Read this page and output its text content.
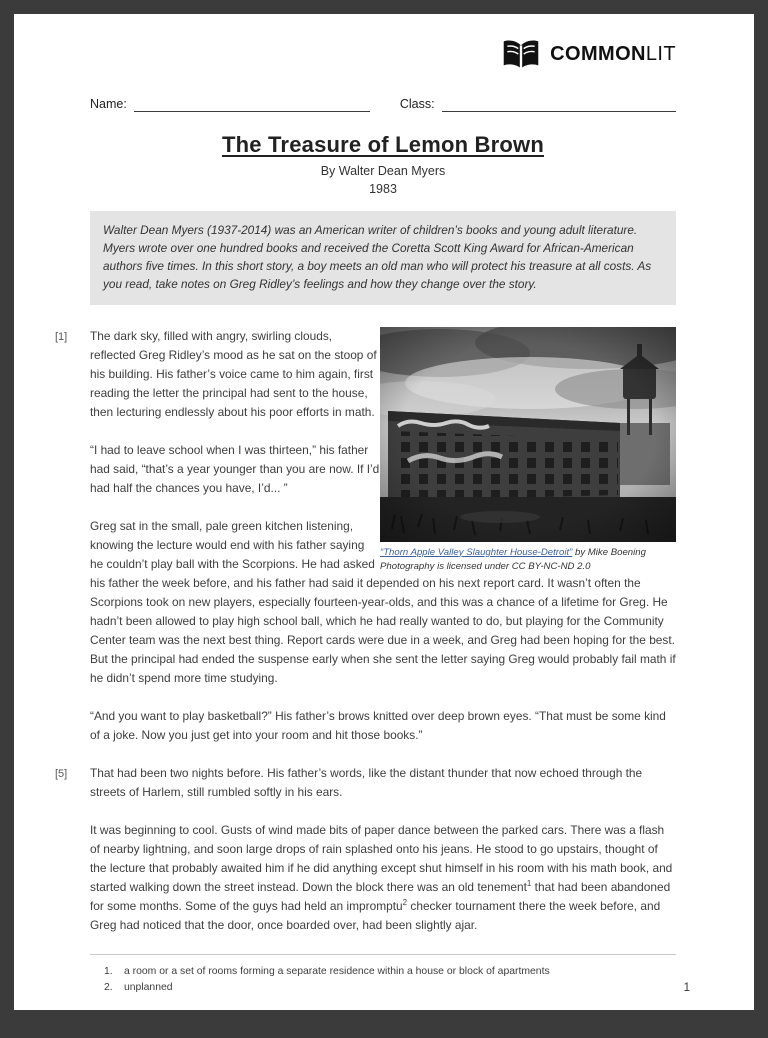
COMMONLIT
Name:	Class:
The Treasure of Lemon Brown
By Walter Dean Myers
1983
Walter Dean Myers (1937-2014) was an American writer of children’s books and young adult literature. Myers wrote over one hundred books and received the Coretta Scott King Award for African-American authors five times. In this short story, a boy meets an old man who will protect his treasure at all costs. As you read, take notes on Greg Ridley’s feelings and how they change over the story.
“Thorn Apple Valley Slaughter House-Detroit” by Mike Boening Photography is licensed under CC BY-NC-ND 2.0

[1] The dark sky, filled with angry, swirling clouds, reflected Greg Ridley’s mood as he sat on the stoop of his building. His father’s voice came to him again, first reading the letter the principal had sent to the house, then lecturing endlessly about his poor efforts in math.

“I had to leave school when I was thirteen,” his father had said, “that’s a year younger than you are now. If I’d had half the chances you have, I’d... ”

Greg sat in the small, pale green kitchen listening, knowing the lecture would end with his father saying he couldn’t play ball with the Scorpions. He had asked his father the week before, and his father had said it depended on his next report card. It wasn’t often the Scorpions took on new players, especially fourteen-year-olds, and this was a chance of a lifetime for Greg. He hadn’t been allowed to play high school ball, which he had really wanted to do, but playing for the Community Center team was the next best thing. Report cards were due in a week, and Greg had been hoping for the best. But the principal had ended the suspense early when she sent the letter saying Greg would probably fail math if he didn’t spend more time studying.

“And you want to play basketball?” His father’s brows knitted over deep brown eyes. “That must be some kind of a joke. Now you just get into your room and hit those books.”

[5] That had been two nights before. His father’s words, like the distant thunder that now echoed through the streets of Harlem, still rumbled softly in his ears.

It was beginning to cool. Gusts of wind made bits of paper dance between the parked cars. There was a flash of nearby lightning, and soon large drops of rain splashed onto his jeans. He stood to go upstairs, thought of the lecture that probably awaited him if he did anything except shut himself in his room with his math book, and started walking down the street instead. Down the block there was an old tenement$^1$ that had been abandoned for some months. Some of the guys had held an impromptu$^2$ checker tournament there the week before, and Greg had noticed that the door, once boarded over, had been slightly ajar.

1.	a room or a set of rooms forming a separate residence within a house or block of apartments
2.	unplanned	1
